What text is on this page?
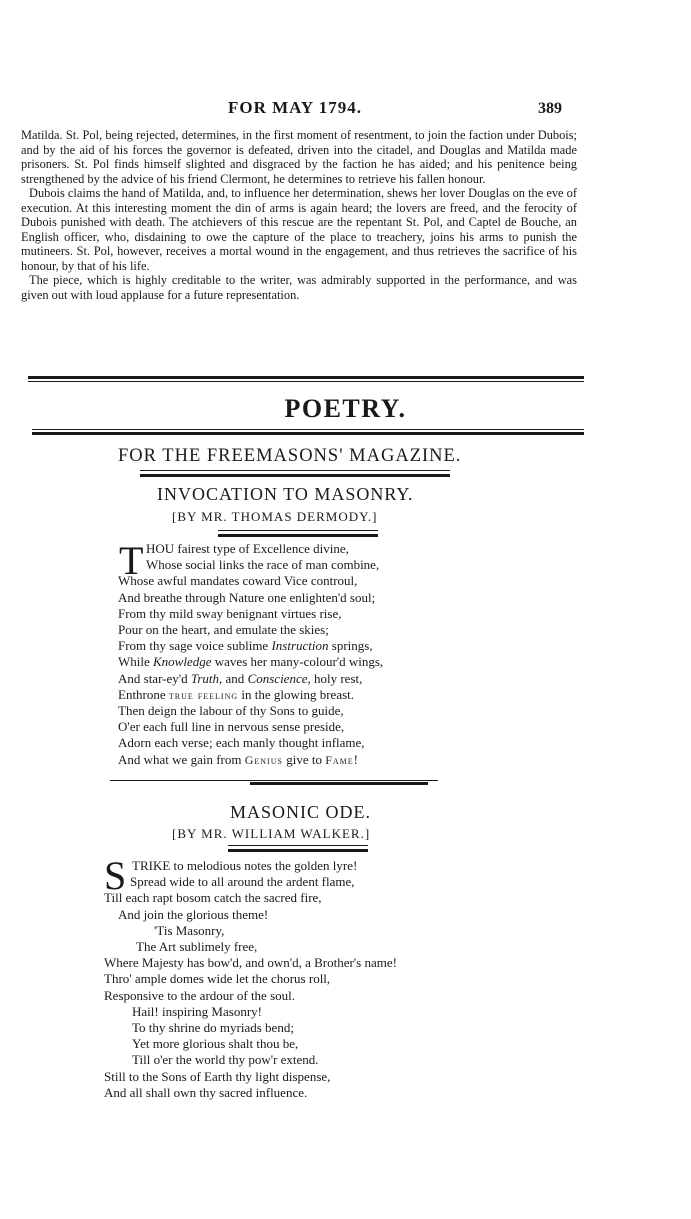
FOR MAY 1794.	389

Matilda. St. Pol, being rejected, determines, in the first moment of resentment, to join the faction under Dubois; and by the aid of his forces the governor is defeated, driven into the citadel, and Douglas and Matilda made prisoners. St. Pol finds himself slighted and disgraced by the faction he has aided; and his penitence being strengthened by the advice of his friend Clermont, he determines to retrieve his fallen honour.

Dubois claims the hand of Matilda, and, to influence her determination, shews her lover Douglas on the eve of execution. At this interesting moment the din of arms is again heard; the lovers are freed, and the ferocity of Dubois punished with death. The atchievers of this rescue are the repentant St. Pol, and Captel de Bouche, an English officer, who, disdaining to owe the capture of the place to treachery, joins his arms to punish the mutineers. St. Pol, however, receives a mortal wound in the engagement, and thus retrieves the sacrifice of his honour, by that of his life.

The piece, which is highly creditable to the writer, was admirably supported in the performance, and was given out with loud applause for a future representation.

POETRY.
FOR THE FREEMASONS' MAGAZINE.
INVOCATION TO MASONRY.
[BY MR. THOMAS DERMODY.]
T HOU fairest type of Excellence divine,
Whose social links the race of man combine,
Whose awful mandates coward Vice controul,
And breathe through Nature one enlighten'd soul;
From thy mild sway benignant virtues rise,
Pour on the heart, and emulate the skies;
From thy sage voice sublime Instruction springs,
While Knowledge waves her many-colour'd wings,
And star-ey'd Truth, and Conscience, holy rest,
Enthrone true feeling in the glowing breast.
Then deign the labour of thy Sons to guide,
O'er each full line in nervous sense preside,
Adorn each verse; each manly thought inflame,
And what we gain from Genius give to Fame!
MASONIC ODE.
[BY MR. WILLIAM WALKER.]
S TRIKE to melodious notes the golden lyre!
Spread wide to all around the ardent flame,
Till each rapt bosom catch the sacred fire,
And join the glorious theme!
'Tis Masonry,
The Art sublimely free,
Where Majesty has bow'd, and own'd, a Brother's name!
Thro' ample domes wide let the chorus roll,
Responsive to the ardour of the soul.
Hail! inspiring Masonry!
To thy shrine do myriads bend;
Yet more glorious shalt thou be,
Till o'er the world thy pow'r extend.
Still to the Sons of Earth thy light dispense,
And all shall own thy sacred influence.
